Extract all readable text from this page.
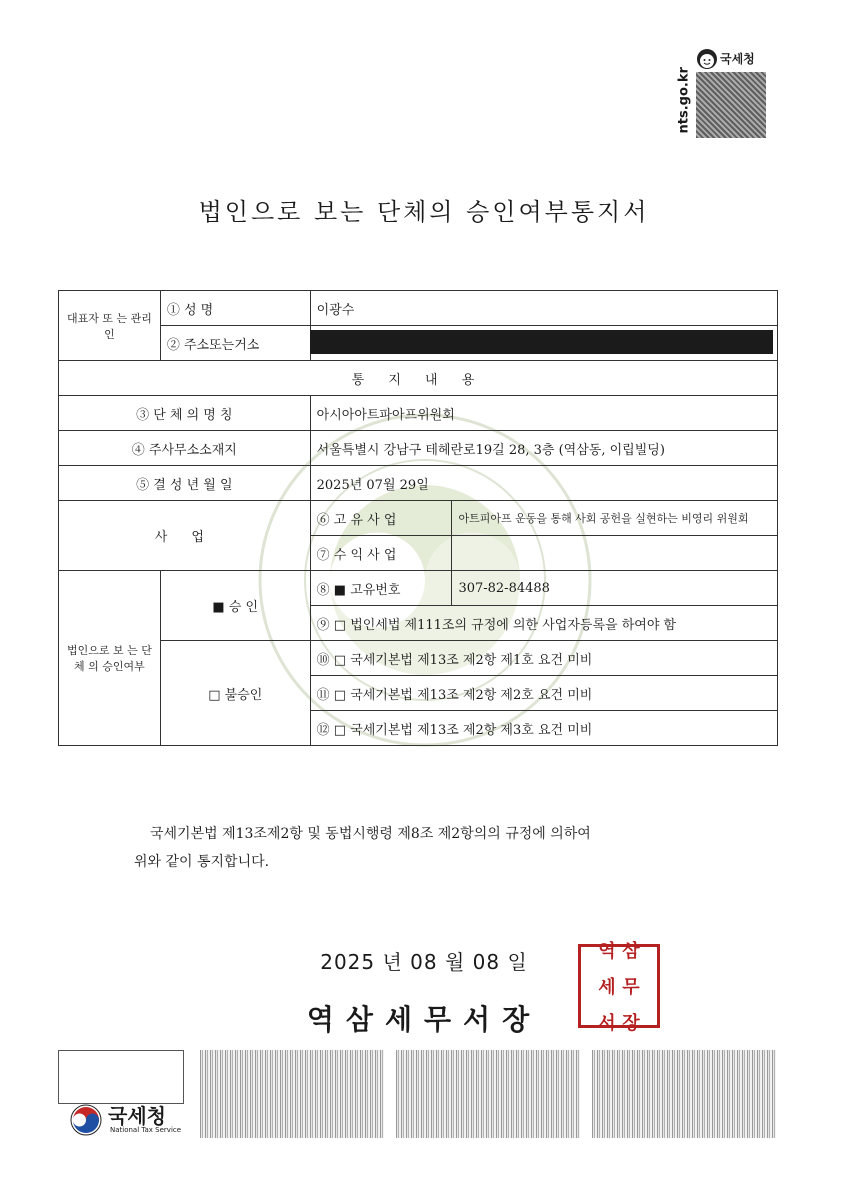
nts.go.kr
국세청
법인으로 보는 단체의 승인여부통지서
대표자 또 는 관리인	① 성 명	이광수	
	② 주소또는거소		
통 지 내 용			
③ 단 체 의 명 칭		아시아아트파아프위원회	
④ 주사무소소재지		서울특별시 강남구 테헤란로19길 28, 3층 (역삼동, 이립빌딩)	
⑤ 결 성 년 월 일		2025년 07월 29일	
사 업		⑥ 고 유 사 업	아트피아프 운동을 통해 사회 공헌을 실현하는 비영리 위원회
		⑦ 수 익 사 업	
법인으로 보 는 단 체 의 승인여부	■ 승 인	⑧ ■ 고유번호	307-82-84488
		⑨ □ 법인세법 제111조의 규정에 의한 사업자등록을 하여야 함	
	□ 불승인	⑩ □ 국세기본법 제13조 제2항 제1호 요건 미비	
		⑪ □ 국세기본법 제13조 제2항 제2호 요건 미비	
		⑫ □ 국세기본법 제13조 제2항 제3호 요건 미비	
국세기본법 제13조제2항 및 동법시행령 제8조 제2항의의 규정에 의하여
위와 같이 통지합니다.
2025 년 08 월 08 일
역삼세무서장
역 삼
세 무
서 장
국세청
National Tax Service
